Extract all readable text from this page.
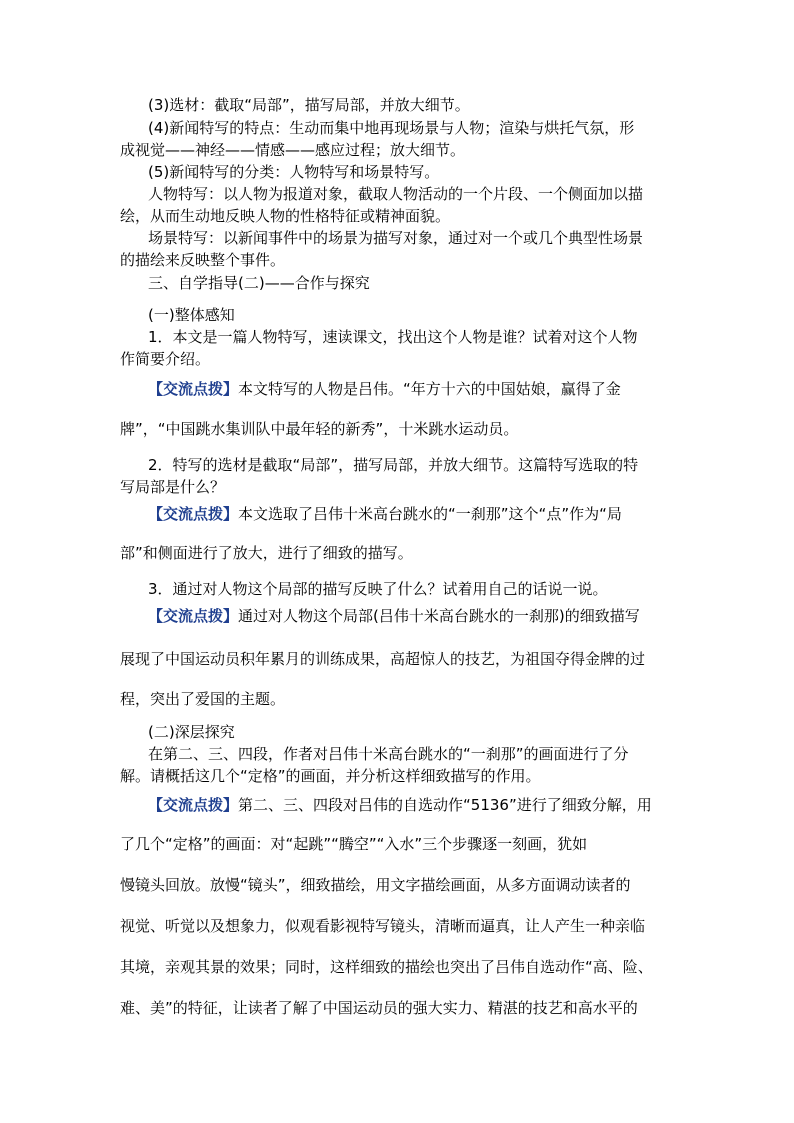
(3)选材：截取“局部”，描写局部，并放大细节。
(4)新闻特写的特点：生动而集中地再现场景与人物；渲染与烘托气氛，形
成视觉——神经——情感——感应过程；放大细节。
(5)新闻特写的分类：人物特写和场景特写。
人物特写：以人物为报道对象，截取人物活动的一个片段、一个侧面加以描
绘，从而生动地反映人物的性格特征或精神面貌。
场景特写：以新闻事件中的场景为描写对象，通过对一个或几个典型性场景
的描绘来反映整个事件。
三、自学指导(二)——合作与探究
(一)整体感知
1．本文是一篇人物特写，速读课文，找出这个人物是谁？试着对这个人物
作简要介绍。
【交流点拨】本文特写的人物是吕伟。“年方十六的中国姑娘，赢得了金
牌”，“中国跳水集训队中最年轻的新秀”，十米跳水运动员。
2．特写的选材是截取“局部”，描写局部，并放大细节。这篇特写选取的特
写局部是什么？
【交流点拨】本文选取了吕伟十米高台跳水的“一刹那”这个“点”作为“局
部”和侧面进行了放大，进行了细致的描写。
3．通过对人物这个局部的描写反映了什么？试着用自己的话说一说。
【交流点拨】通过对人物这个局部(吕伟十米高台跳水的一刹那)的细致描写
展现了中国运动员积年累月的训练成果，高超惊人的技艺，为祖国夺得金牌的过
程，突出了爱国的主题。
(二)深层探究
在第二、三、四段，作者对吕伟十米高台跳水的“一刹那”的画面进行了分
解。请概括这几个“定格”的画面，并分析这样细致描写的作用。
【交流点拨】第二、三、四段对吕伟的自选动作“5136”进行了细致分解，用
了几个“定格”的画面：对“起跳”“腾空”“入水”三个步骤逐一刻画，犹如
慢镜头回放。放慢“镜头”，细致描绘，用文字描绘画面，从多方面调动读者的
视觉、听觉以及想象力，似观看影视特写镜头，清晰而逼真，让人产生一种亲临
其境，亲观其景的效果；同时，这样细致的描绘也突出了吕伟自选动作“高、险、
难、美”的特征，让读者了解了中国运动员的强大实力、精湛的技艺和高水平的
